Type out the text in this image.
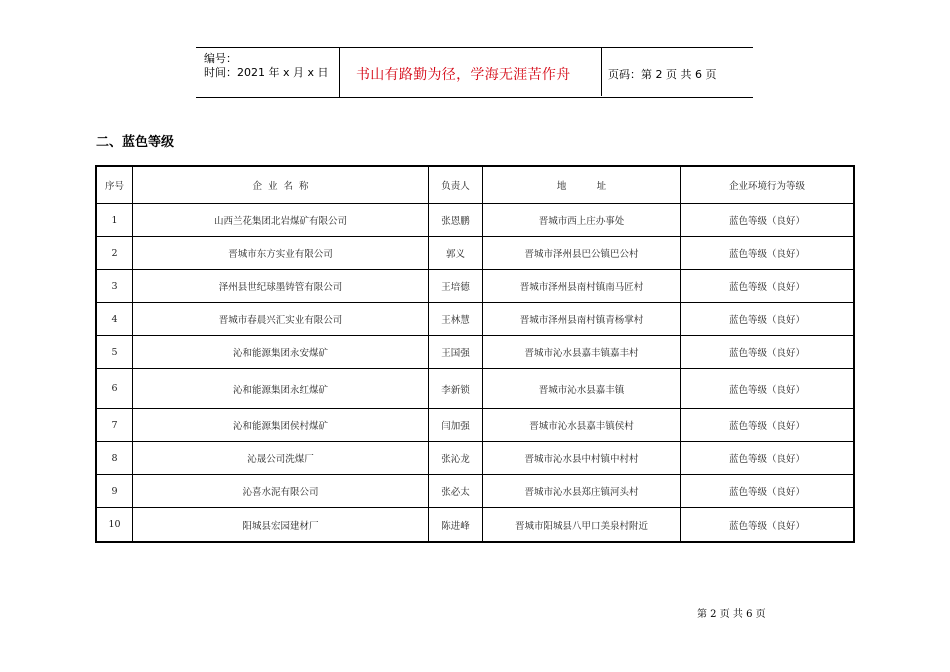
编号：
时间：2021 年 x 月 x 日 书山有路勤为径，学海无涯苦作舟	页码：第 2 页 共 6 页
二、蓝色等级
序号	企  业  名  称	负责人	地          址	企业环境行为等级
1	山西兰花集团北岩煤矿有限公司	张恩鹏	晋城市西上庄办事处	蓝色等级（良好）
2	晋城市东方实业有限公司	郭义	晋城市泽州县巴公镇巴公村	蓝色等级（良好）
3	泽州县世纪球墨铸管有限公司	王培德	晋城市泽州县南村镇南马匠村	蓝色等级（良好）
4	晋城市春晨兴汇实业有限公司	王林慧	晋城市泽州县南村镇青杨掌村	蓝色等级（良好）
5	沁和能源集团永安煤矿	王国强	晋城市沁水县嘉丰镇嘉丰村	蓝色等级（良好）
6	沁和能源集团永红煤矿	李新锁	晋城市沁水县嘉丰镇	蓝色等级（良好）
7	沁和能源集团侯村煤矿	闫加强	晋城市沁水县嘉丰镇侯村	蓝色等级（良好）
8	沁晟公司洗煤厂	张沁龙	晋城市沁水县中村镇中村村	蓝色等级（良好）
9	沁喜水泥有限公司	张必太	晋城市沁水县郑庄镇河头村	蓝色等级（良好）
10	阳城县宏园建材厂	陈进峰	晋城市阳城县八甲口美泉村附近	蓝色等级（良好）
第 2 页 共 6 页
